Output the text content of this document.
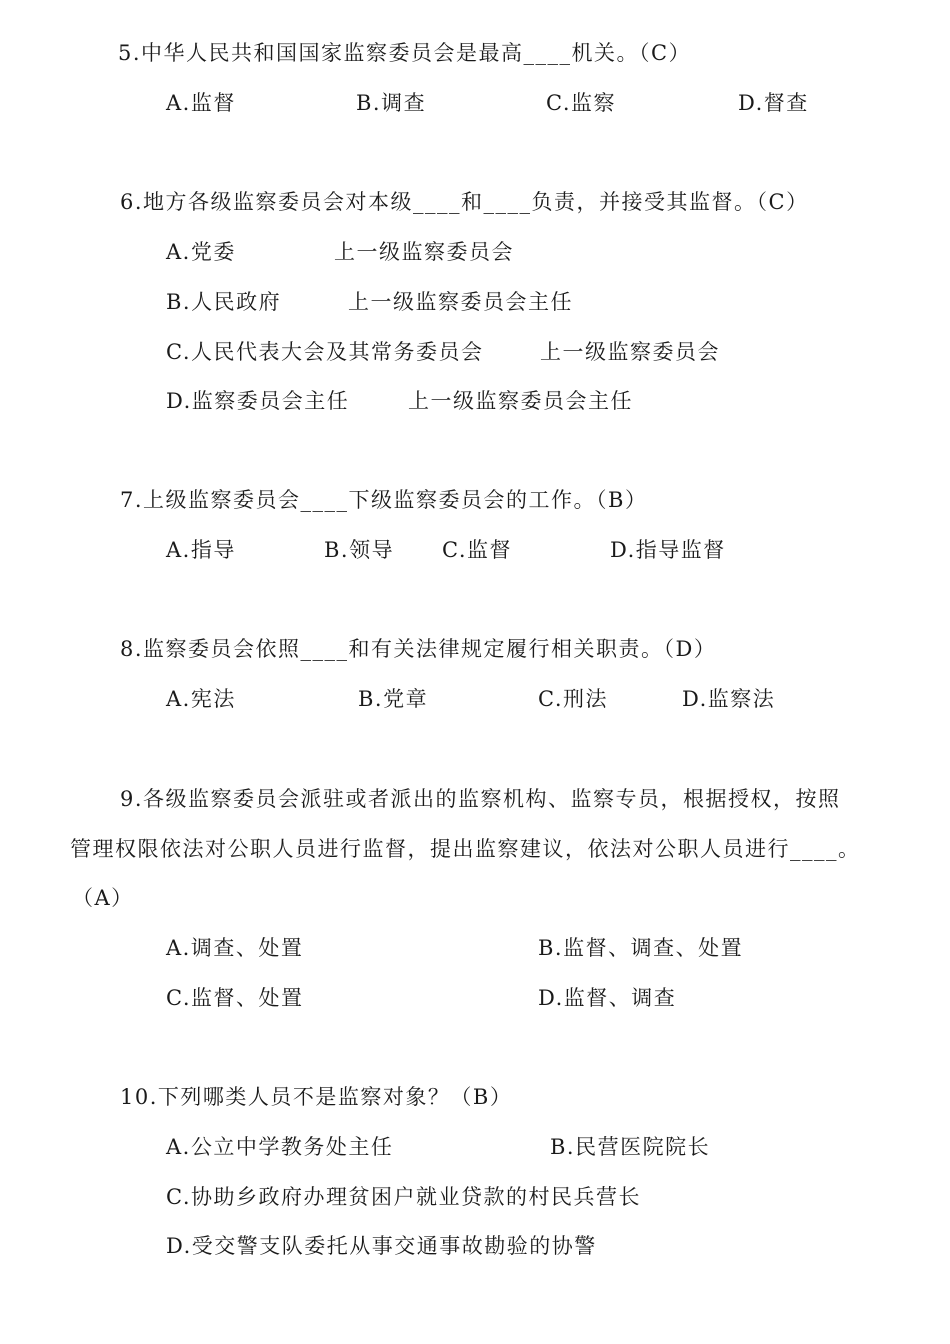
5.中华人民共和国国家监察委员会是最高____机关。（C）
A.监督	B.调查	C.监察	D.督查
6.地方各级监察委员会对本级____和____负责，并接受其监督。（C）
A.党委	上一级监察委员会
B.人民政府	上一级监察委员会主任
C.人民代表大会及其常务委员会	上一级监察委员会
D.监察委员会主任	上一级监察委员会主任
7.上级监察委员会____下级监察委员会的工作。（B）
A.指导	B.领导 C.监督	D.指导监督
8.监察委员会依照____和有关法律规定履行相关职责。（D）
A.宪法	B.党章	C.刑法	D.监察法
9.各级监察委员会派驻或者派出的监察机构、监察专员，根据授权，按照
管理权限依法对公职人员进行监督，提出监察建议，依法对公职人员进行____。
（A）
A.调查、处置	B.监督、调查、处置
C.监督、处置	D.监督、调查
10.下列哪类人员不是监察对象？（B）
A.公立中学教务处主任	B.民营医院院长
C.协助乡政府办理贫困户就业贷款的村民兵营长
D.受交警支队委托从事交通事故勘验的协警
